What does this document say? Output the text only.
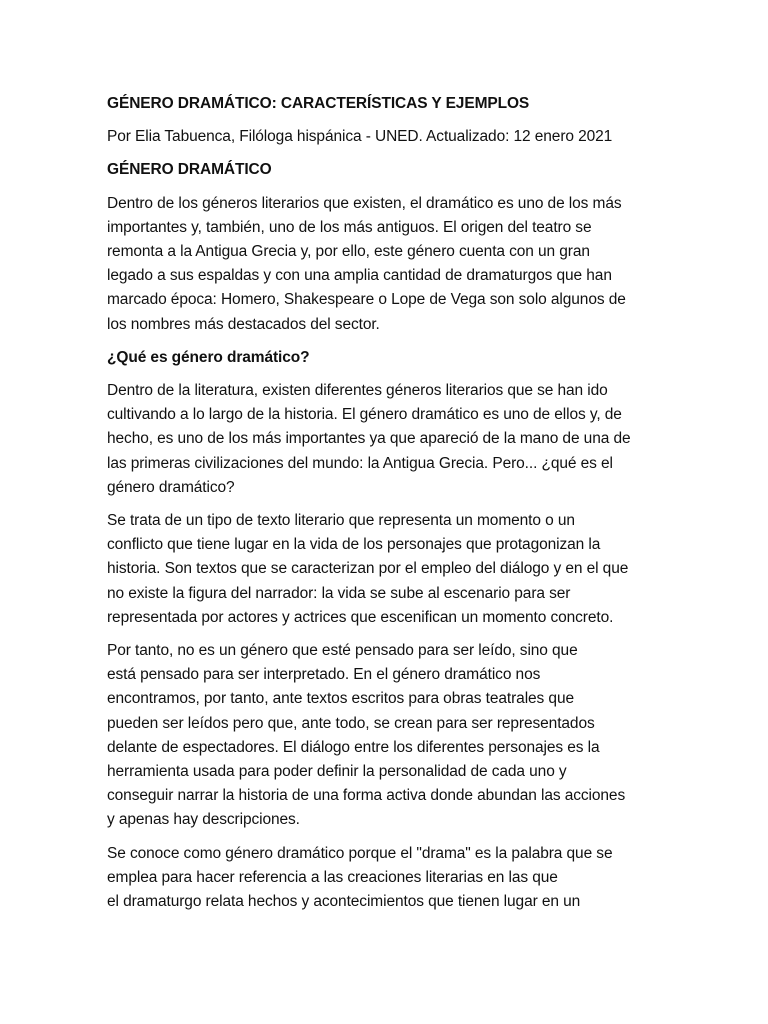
GÉNERO DRAMÁTICO: CARACTERÍSTICAS Y EJEMPLOS
Por Elia Tabuenca, Filóloga hispánica - UNED. Actualizado: 12 enero 2021
GÉNERO DRAMÁTICO
Dentro de los géneros literarios que existen, el dramático es uno de los más
importantes y, también, uno de los más antiguos. El origen del teatro se
remonta a la Antigua Grecia y, por ello, este género cuenta con un gran
legado a sus espaldas y con una amplia cantidad de dramaturgos que han
marcado época: Homero, Shakespeare o Lope de Vega son solo algunos de
los nombres más destacados del sector.
¿Qué es género dramático?
Dentro de la literatura, existen diferentes géneros literarios que se han ido
cultivando a lo largo de la historia. El género dramático es uno de ellos y, de
hecho, es uno de los más importantes ya que apareció de la mano de una de
las primeras civilizaciones del mundo: la Antigua Grecia. Pero... ¿qué es el
género dramático?
Se trata de un tipo de texto literario que representa un momento o un
conflicto que tiene lugar en la vida de los personajes que protagonizan la
historia. Son textos que se caracterizan por el empleo del diálogo y en el que
no existe la figura del narrador: la vida se sube al escenario para ser
representada por actores y actrices que escenifican un momento concreto.
Por tanto, no es un género que esté pensado para ser leído, sino que
está pensado para ser interpretado. En el género dramático nos
encontramos, por tanto, ante textos escritos para obras teatrales que
pueden ser leídos pero que, ante todo, se crean para ser representados
delante de espectadores. El diálogo entre los diferentes personajes es la
herramienta usada para poder definir la personalidad de cada uno y
conseguir narrar la historia de una forma activa donde abundan las acciones
y apenas hay descripciones.
Se conoce como género dramático porque el "drama" es la palabra que se
emplea para hacer referencia a las creaciones literarias en las que
el dramaturgo relata hechos y acontecimientos que tienen lugar en un
